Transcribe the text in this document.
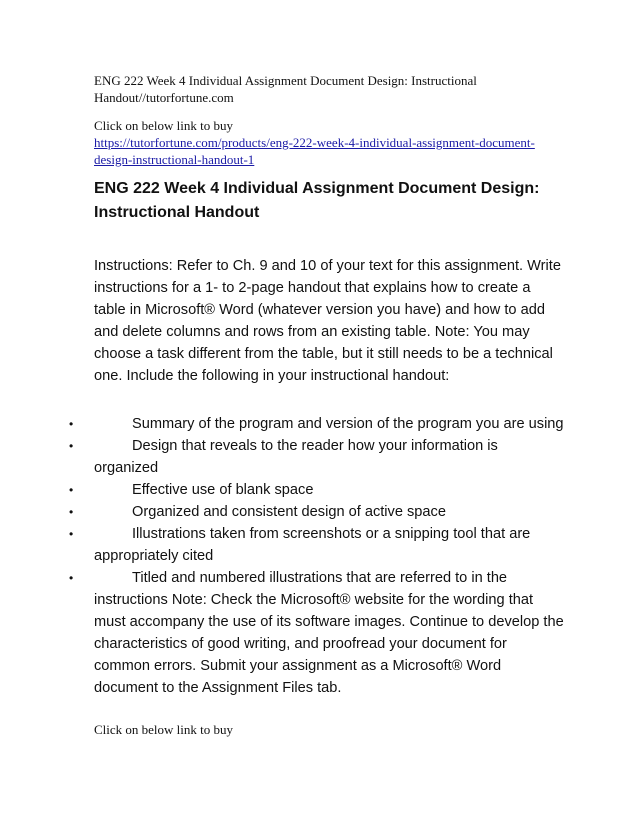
ENG 222 Week 4 Individual Assignment Document Design: Instructional Handout//tutorfortune.com
Click on below link to buy
https://tutorfortune.com/products/eng-222-week-4-individual-assignment-document-design-instructional-handout-1
ENG 222 Week 4 Individual Assignment Document Design: Instructional Handout
Instructions: Refer to Ch. 9 and 10 of your text for this assignment. Write instructions for a 1- to 2-page handout that explains how to create a table in Microsoft® Word (whatever version you have) and how to add and delete columns and rows from an existing table. Note: You may choose a task different from the table, but it still needs to be a technical one. Include the following in your instructional handout:
•	Summary of the program and version of the program you are using
•	Design that reveals to the reader how your information is organized
•	Effective use of blank space
•	Organized and consistent design of active space
•	Illustrations taken from screenshots or a snipping tool that are appropriately cited
•	Titled and numbered illustrations that are referred to in the instructions Note: Check the Microsoft® website for the wording that must accompany the use of its software images. Continue to develop the characteristics of good writing, and proofread your document for common errors. Submit your assignment as a Microsoft® Word document to the Assignment Files tab.
Click on below link to buy
